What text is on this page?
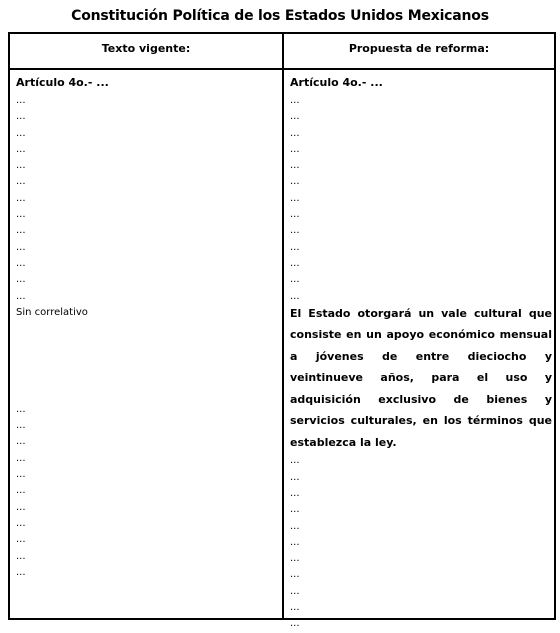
Constitución Política de los Estados Unidos Mexicanos
Texto vigente:	Propuesta de reforma:
Artículo 4o.- ...
...
...
...
...
...
...
...
...
...
...
...
...
...
Sin correlativo
...
...
...
...
...
...
...
...
...
...
...
Artículo 4o.- ...
...
...
...
...
...
...
...
...
...
...
...
...
...
El Estado otorgará un vale cultural que consiste en un apoyo económico mensual a jóvenes de entre dieciocho y veintinueve años, para el uso y adquisición exclusivo de bienes y servicios culturales, en los términos que establezca la ley.
...
...
...
...
...
...
...
...
...
...
...
